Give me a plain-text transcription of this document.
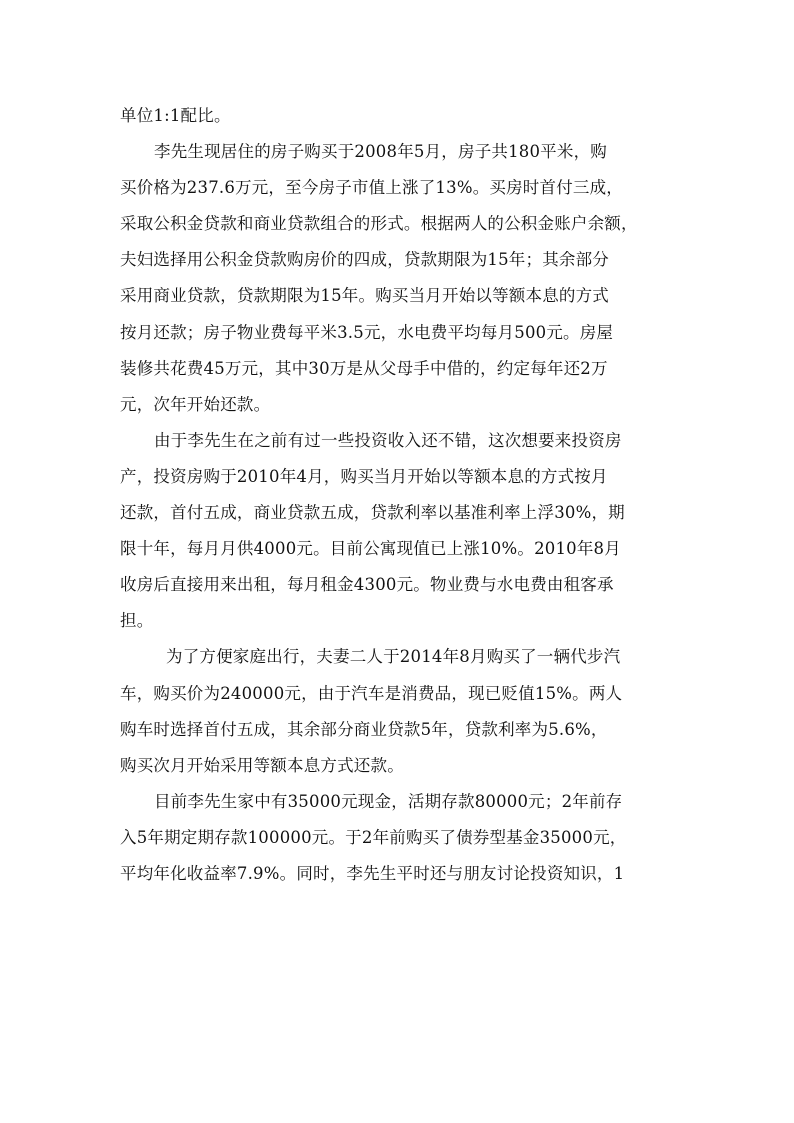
单位1:1配比。
李先生现居住的房子购买于2008年5月，房子共180平米，购
买价格为237.6万元，至今房子市值上涨了13%。买房时首付三成，
采取公积金贷款和商业贷款组合的形式。根据两人的公积金账户余额，
夫妇选择用公积金贷款购房价的四成，贷款期限为15年；其余部分
采用商业贷款，贷款期限为15年。购买当月开始以等额本息的方式
按月还款；房子物业费每平米3.5元，水电费平均每月500元。房屋
装修共花费45万元，其中30万是从父母手中借的，约定每年还2万
元，次年开始还款。
由于李先生在之前有过一些投资收入还不错，这次想要来投资房
产，投资房购于2010年4月，购买当月开始以等额本息的方式按月
还款，首付五成，商业贷款五成，贷款利率以基准利率上浮30%，期
限十年，每月月供4000元。目前公寓现值已上涨10%。2010年8月
收房后直接用来出租，每月租金4300元。物业费与水电费由租客承
担。
为了方便家庭出行，夫妻二人于2014年8月购买了一辆代步汽
车，购买价为240000元，由于汽车是消费品，现已贬值15%。两人
购车时选择首付五成，其余部分商业贷款5年，贷款利率为5.6%，
购买次月开始采用等额本息方式还款。
目前李先生家中有35000元现金，活期存款80000元；2年前存
入5年期定期存款100000元。于2年前购买了债券型基金35000元，
平均年化收益率7.9%。同时，李先生平时还与朋友讨论投资知识，1
